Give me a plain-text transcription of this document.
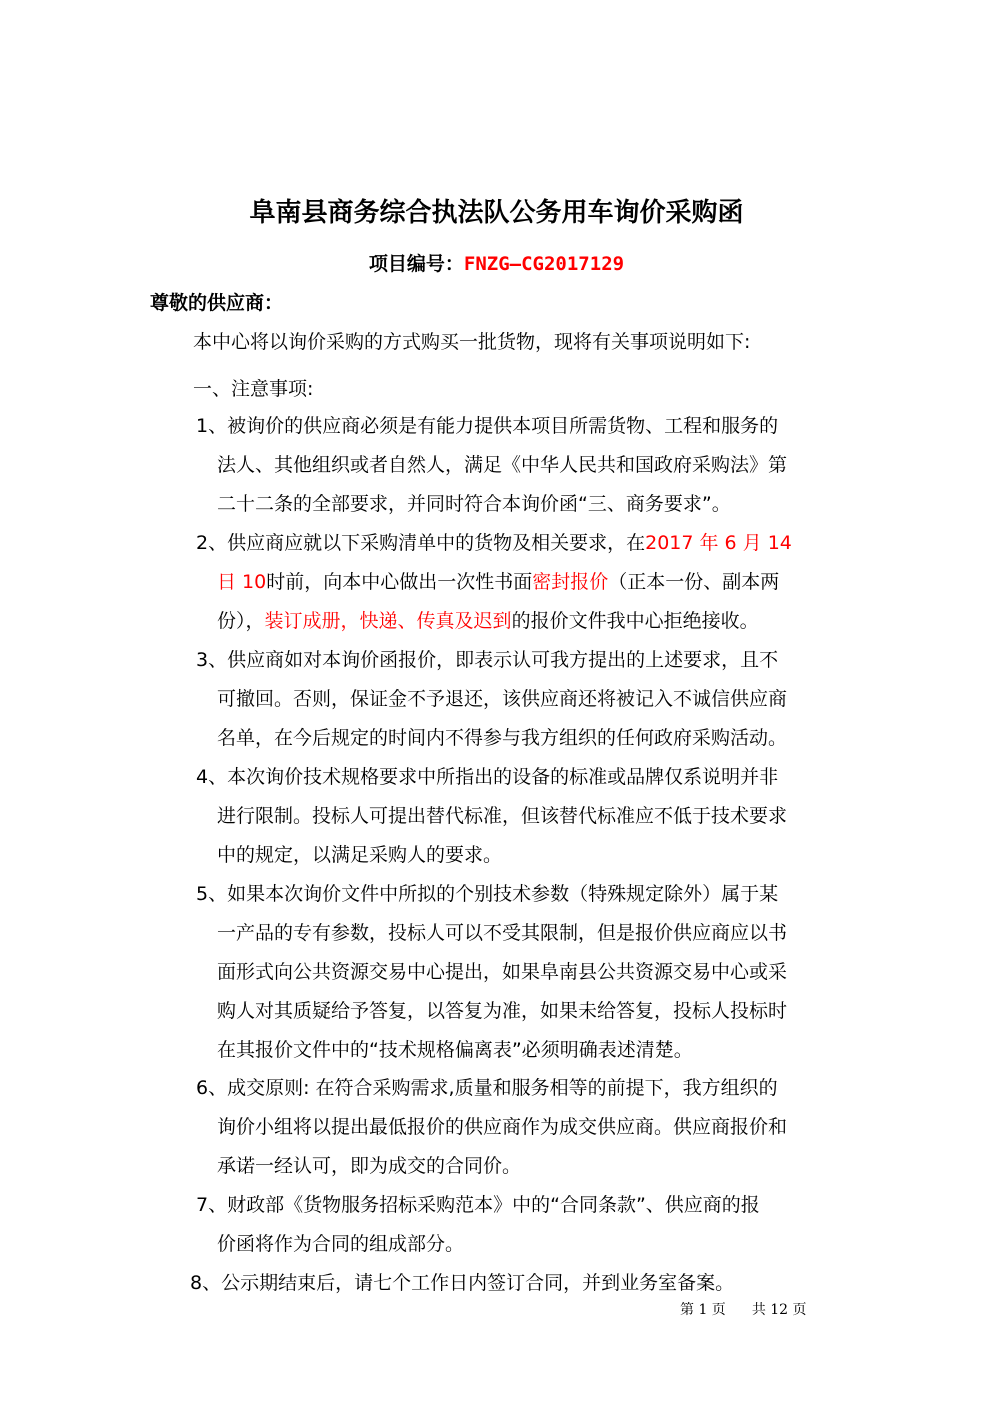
阜南县商务综合执法队公务用车询价采购函
项目编号：FNZG—CG2017129
尊敬的供应商：
本中心将以询价采购的方式购买一批货物，现将有关事项说明如下:
一、注意事项:
1、被询价的供应商必须是有能力提供本项目所需货物、工程和服务的
法人、其他组织或者自然人，满足《中华人民共和国政府采购法》第
二十二条的全部要求，并同时符合本询价函“三、商务要求”。
2、供应商应就以下采购清单中的货物及相关要求，在2017 年 6 月 14
日 10时前，向本中心做出一次性书面密封报价（正本一份、副本两
份），装订成册，快递、传真及迟到的报价文件我中心拒绝接收。
3、供应商如对本询价函报价，即表示认可我方提出的上述要求，且不
可撤回。否则，保证金不予退还，该供应商还将被记入不诚信供应商
名单，在今后规定的时间内不得参与我方组织的任何政府采购活动。
4、本次询价技术规格要求中所指出的设备的标准或品牌仅系说明并非
进行限制。投标人可提出替代标准，但该替代标准应不低于技术要求
中的规定，以满足采购人的要求。
5、如果本次询价文件中所拟的个别技术参数（特殊规定除外）属于某
一产品的专有参数，投标人可以不受其限制，但是报价供应商应以书
面形式向公共资源交易中心提出，如果阜南县公共资源交易中心或采
购人对其质疑给予答复，以答复为准，如果未给答复，投标人投标时
在其报价文件中的“技术规格偏离表”必须明确表述清楚。
6、成交原则: 在符合采购需求,质量和服务相等的前提下，我方组织的
询价小组将以提出最低报价的供应商作为成交供应商。供应商报价和
承诺一经认可，即为成交的合同价。
7、财政部《货物服务招标采购范本》中的“合同条款”、供应商的报
价函将作为合同的组成部分。
8、公示期结束后，请七个工作日内签订合同，并到业务室备案。
第 1 页 共 12 页
